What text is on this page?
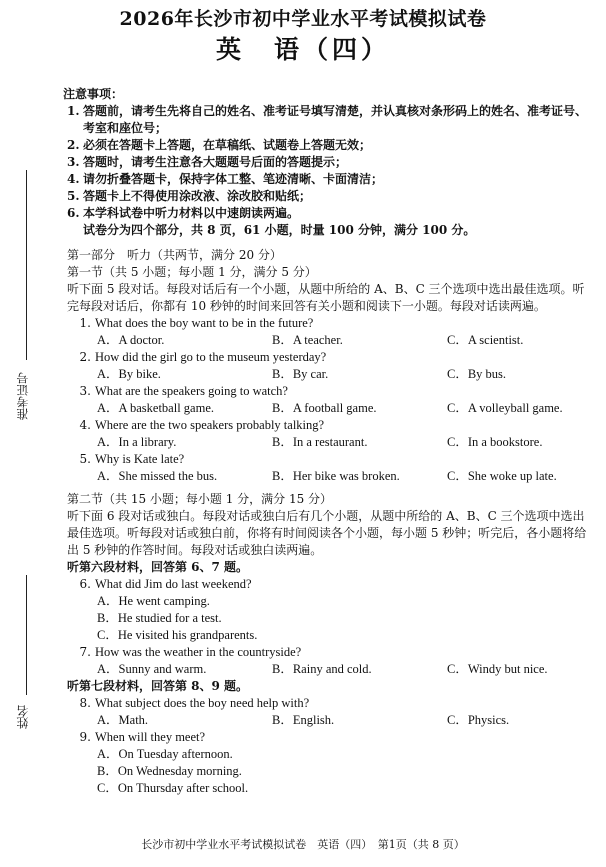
2026年长沙市初中学业水平考试模拟试卷
英　语（四）
准考证号
姓名
注意事项：
1. 答题前，请考生先将自己的姓名、准考证号填写清楚，并认真核对条形码上的姓名、准考证号、考室和座位号；
2. 必须在答题卡上答题，在草稿纸、试题卷上答题无效；
3. 答题时，请考生注意各大题题号后面的答题提示；
4. 请勿折叠答题卡，保持字体工整、笔迹清晰、卡面清洁；
5. 答题卡上不得使用涂改液、涂改胶和贴纸；
6. 本学科试卷中听力材料以中速朗读两遍。
试卷分为四个部分，共 8 页，61 小题，时量 100 分钟，满分 100 分。
第一部分　听力（共两节，满分 20 分）
第一节（共 5 小题；每小题 1 分，满分 5 分）
听下面 5 段对话。每段对话后有一个小题，从题中所给的 A、B、C 三个选项中选出最佳选项。听完每段对话后，你都有 10 秒钟的时间来回答有关小题和阅读下一小题。每段对话读两遍。
1. What does the boy want to be in the future?
A．A doctor.	B．A teacher.	C．A scientist.
2. How did the girl go to the museum yesterday?
A．By bike.	B．By car.	C．By bus.
3. What are the speakers going to watch?
A．A basketball game.	B．A football game.	C．A volleyball game.
4. Where are the two speakers probably talking?
A．In a library.	B．In a restaurant.	C．In a bookstore.
5. Why is Kate late?
A．She missed the bus.	B．Her bike was broken.	C．She woke up late.
第二节（共 15 小题；每小题 1 分，满分 15 分）
听下面 6 段对话或独白。每段对话或独白后有几个小题，从题中所给的 A、B、C 三个选项中选出最佳选项。听每段对话或独白前，你将有时间阅读各个小题，每小题 5 秒钟；听完后，各小题将给出 5 秒钟的作答时间。每段对话或独白读两遍。
听第六段材料，回答第 6、7 题。
6. What did Jim do last weekend?
A．He went camping.
B．He studied for a test.
C．He visited his grandparents.
7. How was the weather in the countryside?
A．Sunny and warm.	B．Rainy and cold.	C．Windy but nice.
听第七段材料，回答第 8、9 题。
8. What subject does the boy need help with?
A．Math.	B．English.	C．Physics.
9. When will they meet?
A．On Tuesday afternoon.
B．On Wednesday morning.
C．On Thursday after school.
长沙市初中学业水平考试模拟试卷　英语（四）　第1页（共 8 页）
